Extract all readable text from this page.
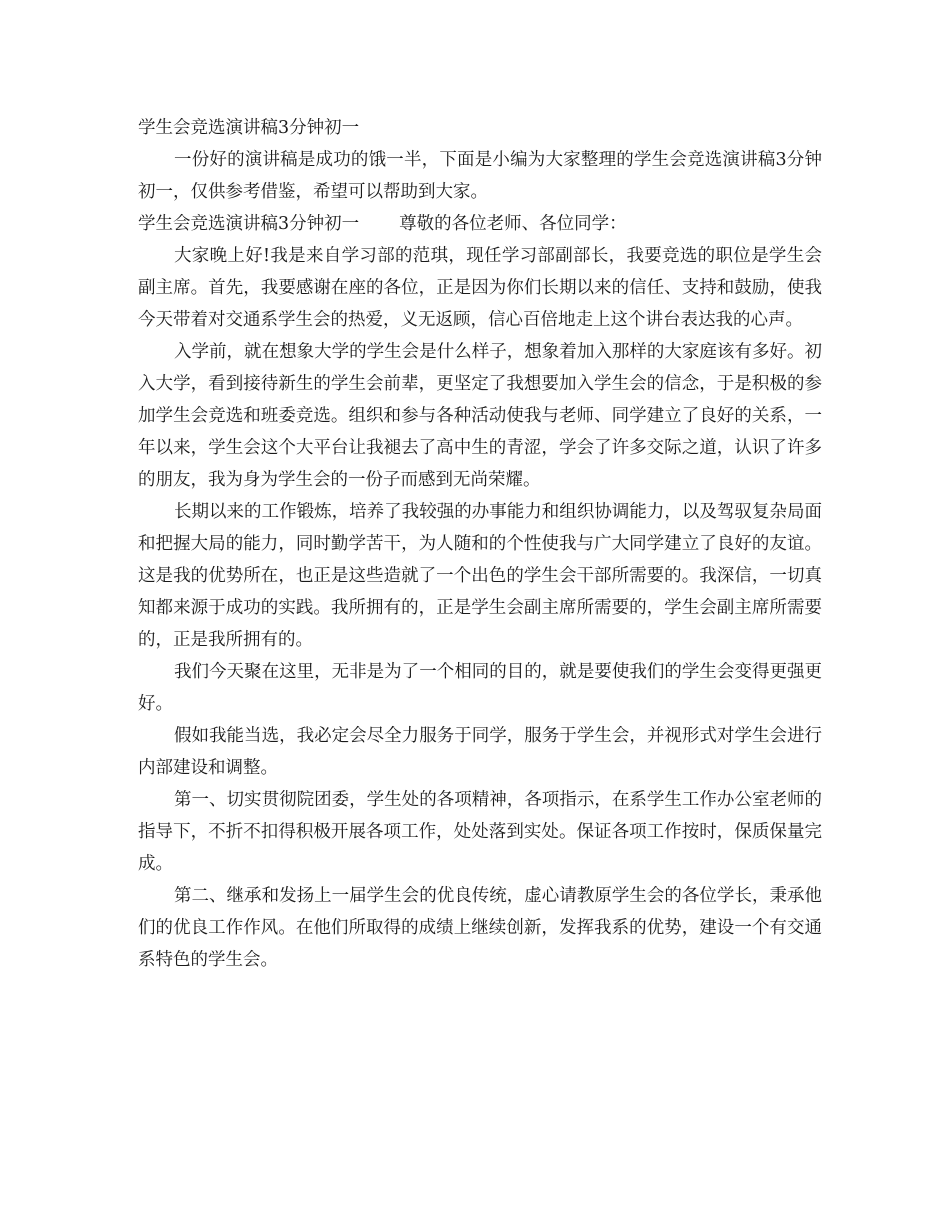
学生会竞选演讲稿3分钟初一

一份好的演讲稿是成功的饿一半，下面是小编为大家整理的学生会竞选演讲稿3分钟初一，仅供参考借鉴，希望可以帮助到大家。

学生会竞选演讲稿3分钟初一 尊敬的各位老师、各位同学：

大家晚上好!我是来自学习部的范琪，现任学习部副部长，我要竞选的职位是学生会副主席。首先，我要感谢在座的各位，正是因为你们长期以来的信任、支持和鼓励，使我今天带着对交通系学生会的热爱，义无返顾，信心百倍地走上这个讲台表达我的心声。

入学前，就在想象大学的学生会是什么样子，想象着加入那样的大家庭该有多好。初入大学，看到接待新生的学生会前辈，更坚定了我想要加入学生会的信念，于是积极的参加学生会竞选和班委竞选。组织和参与各种活动使我与老师、同学建立了良好的关系，一年以来，学生会这个大平台让我褪去了高中生的青涩，学会了许多交际之道，认识了许多的朋友，我为身为学生会的一份子而感到无尚荣耀。

长期以来的工作锻炼，培养了我较强的办事能力和组织协调能力，以及驾驭复杂局面和把握大局的能力，同时勤学苦干，为人随和的个性使我与广大同学建立了良好的友谊。这是我的优势所在，也正是这些造就了一个出色的学生会干部所需要的。我深信，一切真知都来源于成功的实践。我所拥有的，正是学生会副主席所需要的，学生会副主席所需要的，正是我所拥有的。

我们今天聚在这里，无非是为了一个相同的目的，就是要使我们的学生会变得更强更好。

假如我能当选，我必定会尽全力服务于同学，服务于学生会，并视形式对学生会进行内部建设和调整。

第一、切实贯彻院团委，学生处的各项精神，各项指示，在系学生工作办公室老师的指导下，不折不扣得积极开展各项工作，处处落到实处。保证各项工作按时，保质保量完成。

第二、继承和发扬上一届学生会的优良传统，虚心请教原学生会的各位学长，秉承他们的优良工作作风。在他们所取得的成绩上继续创新，发挥我系的优势，建设一个有交通系特色的学生会。
